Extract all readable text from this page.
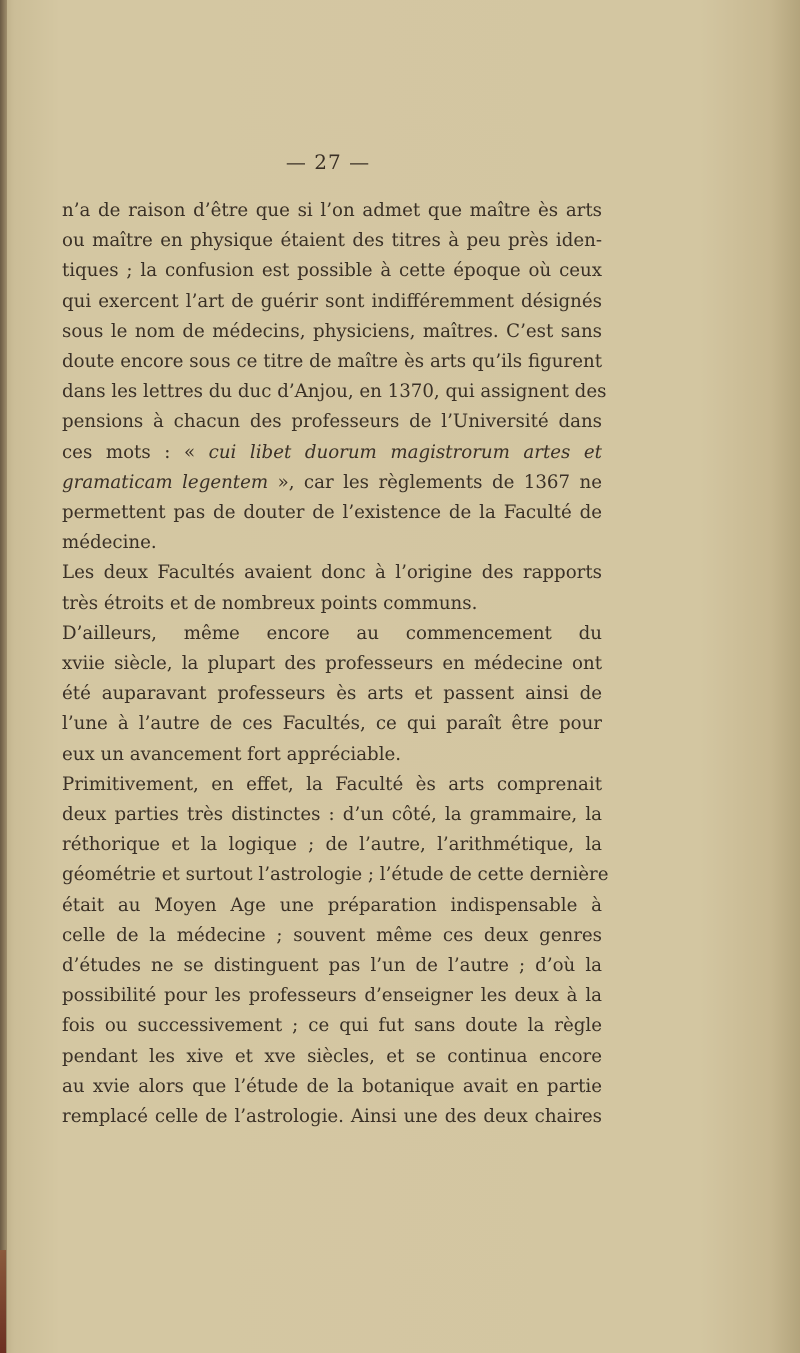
— 27 —
n’a de raison d’être que si l’on admet que maître ès arts
ou maître en physique étaient des titres à peu près iden-
tiques ; la confusion est possible à cette époque où ceux
qui exercent l’art de guérir sont indifféremment désignés
sous le nom de médecins, physiciens, maîtres. C’est sans
doute encore sous ce titre de maître ès arts qu’ils figurent
dans les lettres du duc d’Anjou, en 1370, qui assignent des
pensions à chacun des professeurs de l’Université dans
ces mots : « cui libet duorum magistrorum artes et
gramaticam legentem », car les règlements de 1367 ne
permettent pas de douter de l’existence de la Faculté de
médecine.
Les deux Facultés avaient donc à l’origine des rapports
très étroits et de nombreux points communs.
D’ailleurs, même encore au commencement du
xviie siècle, la plupart des professeurs en médecine ont
été auparavant professeurs ès arts et passent ainsi de
l’une à l’autre de ces Facultés, ce qui paraît être pour
eux un avancement fort appréciable.
Primitivement, en effet, la Faculté ès arts comprenait
deux parties très distinctes : d’un côté, la grammaire, la
réthorique et la logique ; de l’autre, l’arithmétique, la
géométrie et surtout l’astrologie ; l’étude de cette dernière
était au Moyen Age une préparation indispensable à
celle de la médecine ; souvent même ces deux genres
d’études ne se distinguent pas l’un de l’autre ; d’où la
possibilité pour les professeurs d’enseigner les deux à la
fois ou successivement ; ce qui fut sans doute la règle
pendant les xive et xve siècles, et se continua encore
au xvie alors que l’étude de la botanique avait en partie
remplacé celle de l’astrologie. Ainsi une des deux chaires
